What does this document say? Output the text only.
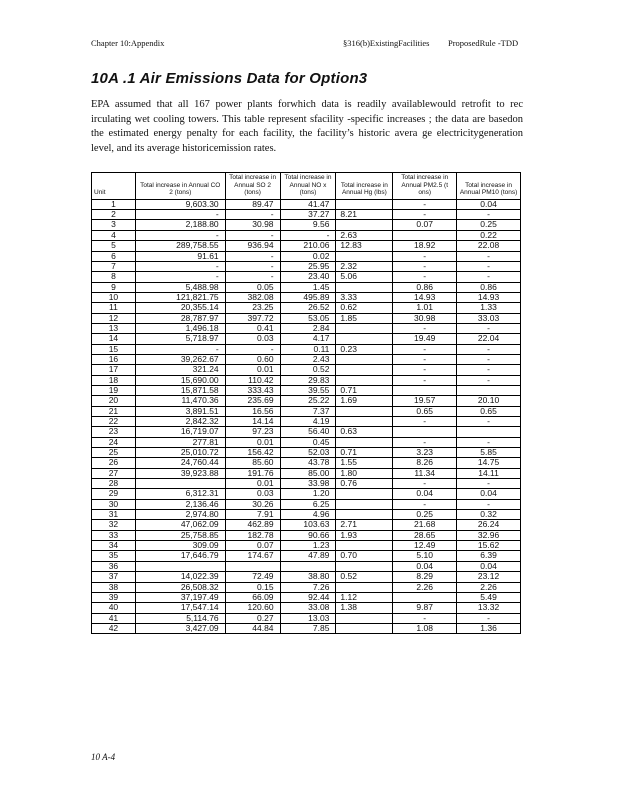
Chapter 10:Appendix	§316(b)ExistingFacilities ProposedRule -TDD
10A .1 Air Emissions Data for Option3
EPA assumed that all 167 power plants forwhich data is readily availablewould retrofit to rec irculating wet cooling towers. This table represent sfacility -specific increases ; the data are basedon the estimated energy penalty for each facility, the facility’s historic avera ge electricitygeneration level, and its average historicemission rates.
Unit	Total increase in Annual CO 2 (tons)	Total increase in Annual SO 2 (tons)	Total increase in Annual NO x (tons)	Total increase in Annual Hg (lbs)	Total increase in Annual PM2.5 (t ons)	Total increase in Annual PM10 (tons)
1	9,603.30	89.47	41.47		-	0.04
2	-	-	37.27	8.21	-	-
3	2,188.80	30.98	9.56		0.07	0.25
4	-	-	-	2.63		0.22
5	289,758.55	936.94	210.06	12.83	18.92	22.08
6	91.61	-	0.02		-	-
7	-	-	25.95	2.32	-	-
8	-	-	23.40	5.06	-	-
9	5,488.98	0.05	1.45		0.86	0.86
10	121,821.75	382.08	495.89	3.33	14.93	14.93
11	20,355.14	23.25	26.52	0.62	1.01	1.33
12	28,787.97	397.72	53.05	1.85	30.98	33.03
13	1,496.18	0.41	2.84		-	-
14	5,718.97	0.03	4.17		19.49	22.04
15	-	-	0.11	0.23	-	-
16	39,262.67	0.60	2.43		-	-
17	321.24	0.01	0.52		-	-
18	15,690.00	110.42	29.83		-	-
19	15,871.58	333.43	39.55	0.71		
20	11,470.36	235.69	25.22	1.69	19.57	20.10
21	3,891.51	16.56	7.37		0.65	0.65
22	2,842.32	14.14	4.19		-	-
23	16,719.07	97.23	56.40	0.63		
24	277.81	0.01	0.45		-	-
25	25,010.72	156.42	52.03	0.71	3.23	5.85
26	24,760.44	85.60	43.78	1.55	8.26	14.75
27	39,923.88	191.76	85.00	1.80	11.34	14.11
28		0.01	33.98	0.76	-	-
29	6,312.31	0.03	1.20		0.04	0.04
30	2,136.46	30.26	6.25		-	-
31	2,974.80	7.91	4.96		0.25	0.32
32	47,062.09	462.89	103.63	2.71	21.68	26.24
33	25,758.85	182.78	90.66	1.93	28.65	32.96
34	309.09	0.07	1.23		12.49	15.62
35	17,646.79	174.67	47.89	0.70	5.10	6.39
36					0.04	0.04
37	14,022.39	72.49	38.80	0.52	8.29	23.12
38	26,508.32	0.15	7.26		2.26	2.26
39	37,197.49	66.09	92.44	1.12		5.49
40	17,547.14	120.60	33.08	1.38	9.87	13.32
41	5,114.76	0.27	13.03		-	-
42	3,427.09	44.84	7.85		1.08	1.36
10 A-4
